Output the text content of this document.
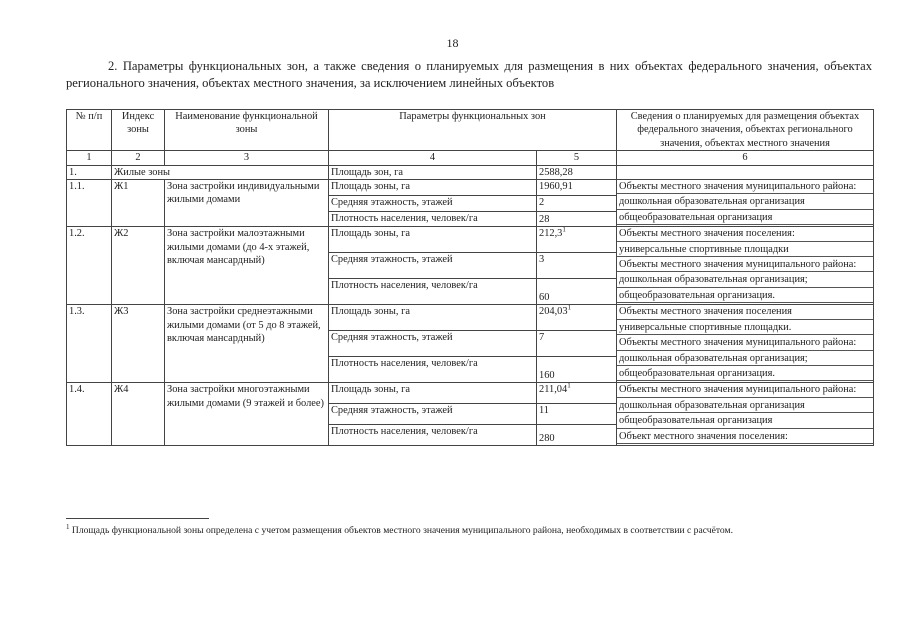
18
2. Параметры функциональных зон, а также сведения о планируемых для размещения в них объектах федерального значения, объектах регионального значения, объектах местного значения, за исключением линейных объектов
№ п/п	Индекс зоны	Наименование функциональной зоны	Параметры функциональных зон		Сведения о планируемых для размещения объектах федерального значения, объектах регионального значения, объектах местного значения
1	2	3	4	5	6
1.	Жилые зоны		Площадь зон, га	2588,28	
1.1.	Ж1	Зона застройки индивидуальными жилыми домами	Площадь зоны, га	1960,91	Объекты местного значения муниципального района:
дошкольная образовательная организация
общеобразовательная организация

			Средняя этажность, этажей	2	
			Плотность населения, человек/га	28	
1.2.	Ж2	Зона застройки малоэтажными жилыми домами (до 4-х этажей, включая мансардный)	Площадь зоны, га	212,3$^1$	Объекты местного значения поселения:
универсальные спортивные площадки
Объекты местного значения муниципального района:
дошкольная образовательная организация;
общеобразовательная организация.

			Средняя этажность, этажей	3	
			Плотность населения, человек/га	60	
1.3.	Ж3	Зона застройки среднеэтажными жилыми домами (от 5 до 8 этажей, включая мансардный)	Площадь зоны, га	204,03$^1$	Объекты местного значения поселения
универсальные спортивные площадки.
Объекты местного значения муниципального района:
дошкольная образовательная организация;
общеобразовательная организация.

			Средняя этажность, этажей	7	
			Плотность населения, человек/га	160	
1.4.	Ж4	Зона застройки многоэтажными жилыми домами (9 этажей и более)	Площадь зоны, га	211,04$^1$	Объекты местного значения муниципального района:
дошкольная образовательная организация
общеобразовательная организация
Объект местного значения поселения:

			Средняя этажность, этажей	11	
			Плотность населения, человек/га	280	
$^1$ Площадь функциональной зоны определена с учетом размещения объектов местного значения муниципального района, необходимых в соответствии с расчётом.
